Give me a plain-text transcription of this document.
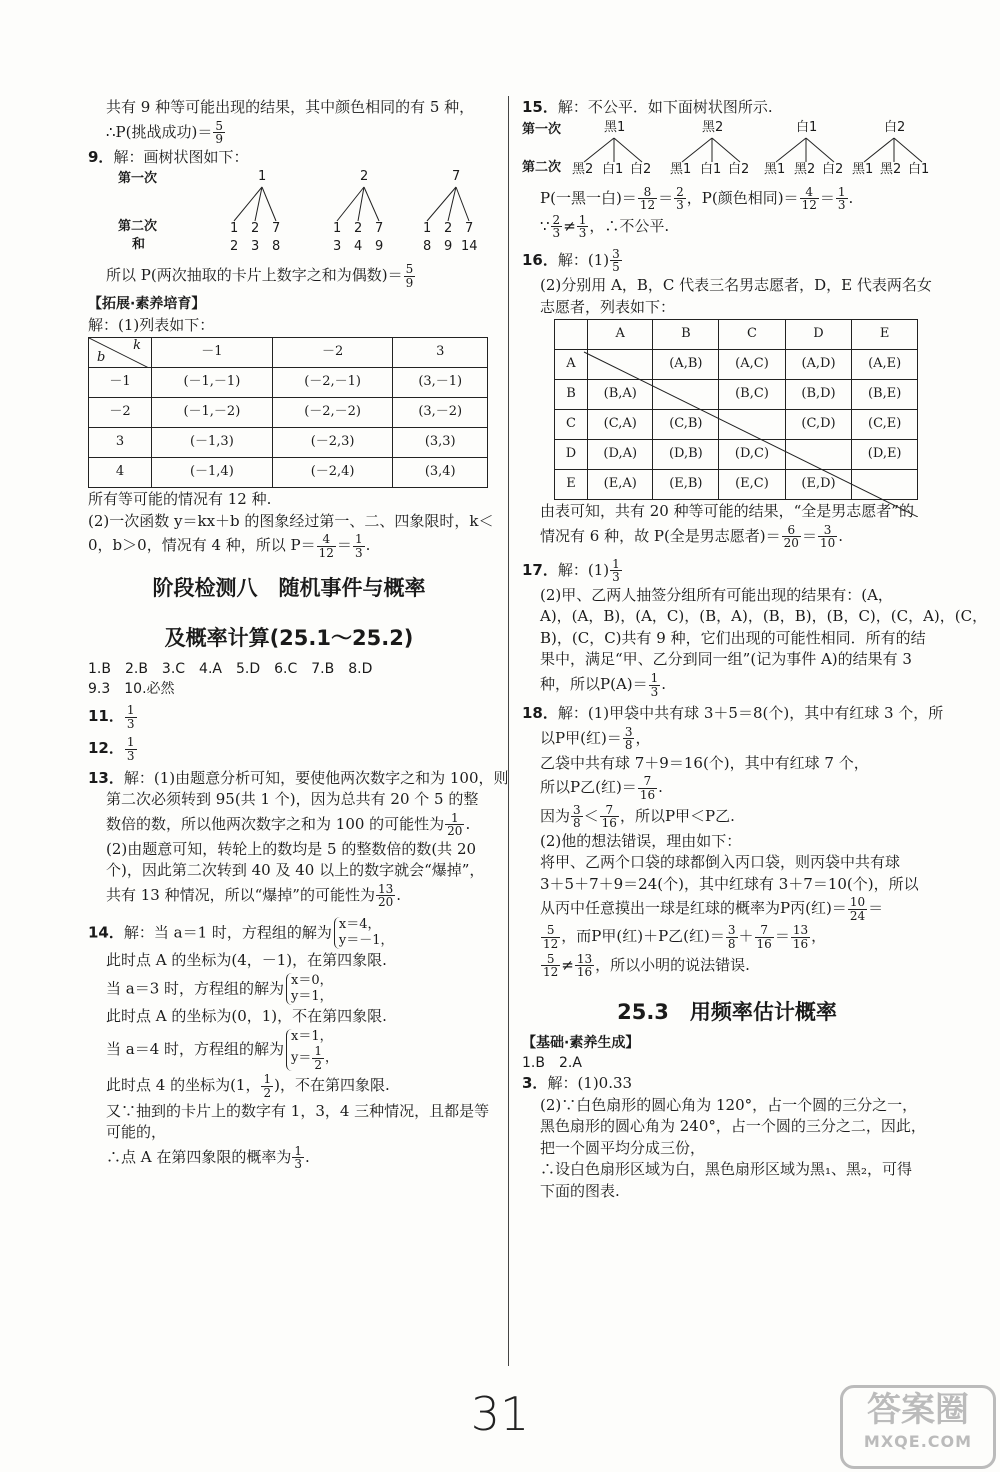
共有 9 种等可能出现的结果，其中颜色相同的有 5 种，
∴P(挑战成功)＝ $\frac{5}{9}$
9．解：画树状图如下：
第一次
第二次
和
1	2	7
1 2 7	1 2 7	1 2 7
2 3 8	3 4 9	8 9 14
所以 P(两次抽取的卡片上数字之和为偶数)＝ $\frac{5}{9}$
【拓展·素养培育】
解：(1)列表如下：
k
b	－1	－2	3
－1	(－1,－1)	(－2,－1)	(3,－1)
－2	(－1,－2)	(－2,－2)	(3,－2)
3	(－1,3)	(－2,3)	(3,3)
4	(－1,4)	(－2,4)	(3,4)
所有等可能的情况有 12 种.
(2)一次函数 y＝kx＋b 的图象经过第一、二、四象限时，k＜
0，b＞0，情况有 4 种，所以 $P= \frac{4}{12} = \frac{1}{3}$ .
阶段检测八　随机事件与概率
及概率计算(25.1～25.2)
1.B　2.B　3.C　4.A　5.D　6.C　7.B　8.D
9.3　10.必然
11． $\frac{1}{3}$
12． $\frac{1}{3}$
13．解：(1)由题意分析可知，要使他两次数字之和为 100，则
第二次必须转到 95(共 1 个)，因为总共有 20 个 5 的整
数倍的数，所以他两次数字之和为 100 的可能性为 $\frac{1}{20}$ .
(2)由题意可知，转轮上的数均是 5 的整数倍的数(共 20
个)，因此第二次转到 40 及 40 以上的数字就会“爆掉”，
共有 13 种情况，所以“爆掉”的可能性为 $\frac{13}{20}$ .
14．解：当 a＝1 时，方程组的解为 x＝4，
y＝－1，
此时点 A 的坐标为(4，－1)，在第四象限.
当 a＝3 时，方程组的解为 x＝0，
y＝1，
此时点 A 的坐标为(0，1)，不在第四象限.
当 a＝4 时，方程组的解为
x＝1，
$y= \frac{1}{2}$ ，
此时点 4 的坐标为(1， $\frac{1}{2}$ )，不在第四象限.
又∵抽到的卡片上的数字有 1，3，4 三种情况，且都是等
可能的，
∴点 A 在第四象限的概率为 $\frac{1}{3}$ .
15．解：不公平．如下面树状图所示.
第一次
第二次
黑1	黑2	白1	白2
黑2 白1 白2 黑1 白1 白2 黑1 黑2 白2 黑1 黑2 白1
P(一黑一白)＝ $\frac{8}{12} = \frac{2}{3}$ ，P(颜色相同)＝ $\frac{4}{12} = \frac{1}{3}$ .
∵ $\frac{2}{3} \ne \frac{1}{3}$ ，∴不公平.
16．解：$(1) \frac{3}{5}$
(2)分别用 A，B，C 代表三名男志愿者，D，E 代表两名女
志愿者，列表如下：
	A	B	C	D	E
A		(A,B)	(A,C)	(A,D)	(A,E)
B	(B,A)		(B,C)	(B,D)	(B,E)
C	(C,A)	(C,B)		(C,D)	(C,E)
D	(D,A)	(D,B)	(D,C)		(D,E)
E	(E,A)	(E,B)	(E,C)	(E,D)	
由表可知，共有 20 种等可能的结果，“全是男志愿者”的
情况有 6 种，故 P(全是男志愿者)＝ $\frac{6}{20} = \frac{3}{10}$ .
17．解：$(1) \frac{1}{3}$
(2)甲、乙两人抽签分组所有可能出现的结果有：(A，
A)，(A，B)，(A，C)，(B，A)，(B，B)，(B，C)，(C，A)，(C，
B)，(C，C)共有 9 种，它们出现的可能性相同．所有的结
果中，满足“甲、乙分到同一组”(记为事件 A)的结果有 3
种，所以$P(A)= \frac{1}{3}$ .
18．解：(1)甲袋中共有球 3＋5＝8(个)，其中有红球 3 个，所
以P甲(红)＝ $\frac{3}{8}$ ，
乙袋中共有球 7＋9＝16(个)，其中有红球 7 个，
所以P乙(红)＝ $\frac{7}{16}$ .
因为 $\frac{3}{8} < \frac{7}{16}$ ，所以P甲＜P乙.
(2)他的想法错误，理由如下：
将甲、乙两个口袋的球都倒入丙口袋，则丙袋中共有球
3＋5＋7＋9＝24(个)，其中红球有 3＋7＝10(个)，所以
从丙中任意摸出一球是红球的概率为P丙(红)＝ $\frac{10}{24}$ ＝
$\frac{5}{12}$ ，而P甲(红)＋P乙(红)＝ $\frac{3}{8} + \frac{7}{16} = \frac{13}{16}$ ，
$\frac{5}{12} \ne \frac{13}{16}$ ，所以小明的说法错误.
25.3　用频率估计概率
【基础·素养生成】
1.B　2.A
3．解：(1)0.33
(2)∵白色扇形的圆心角为 120°，占一个圆的三分之一，
黑色扇形的圆心角为 240°，占一个圆的三分之二，因此，
把一个圆平均分成三份，
∴设白色扇形区域为白，黑色扇形区域为黑₁、黑₂，可得
下面的图表.
31	答案圈
MXQE.COM
